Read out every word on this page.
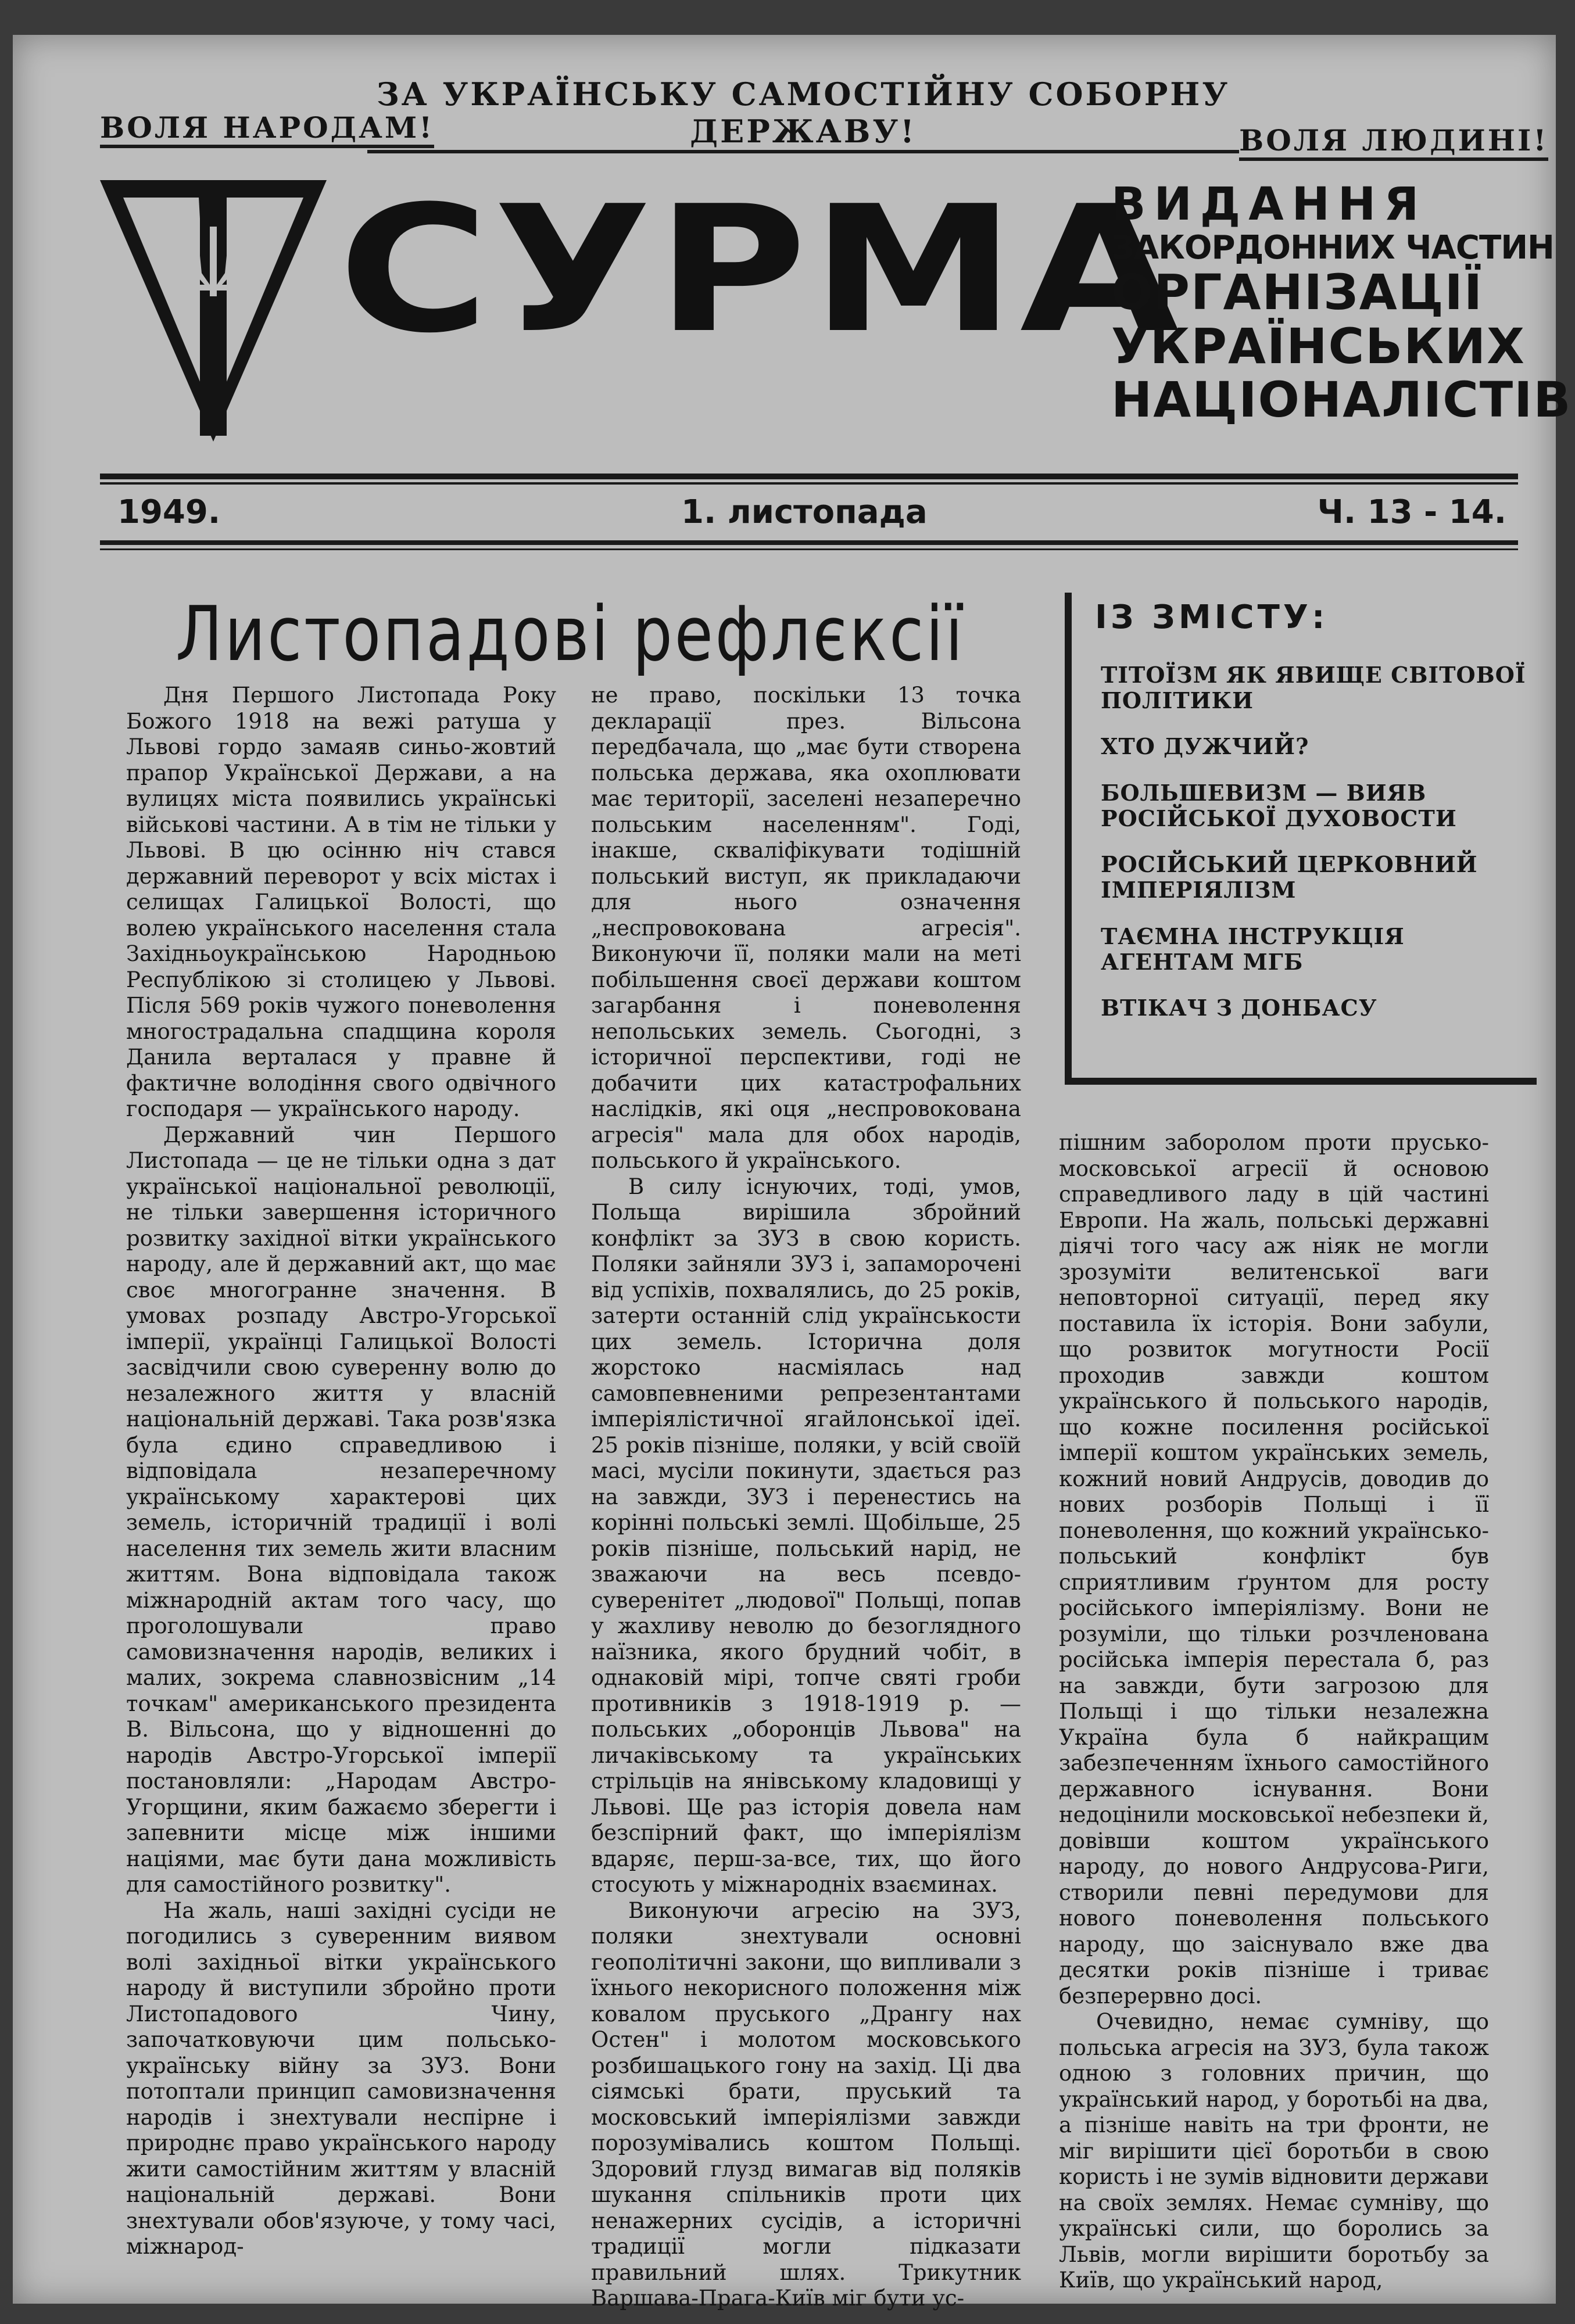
ЗА УКРАЇНСЬКУ САМОСТІЙНУ СОБОРНУ ДЕРЖАВУ!
ВОЛЯ НАРОДАМ!	ВОЛЯ ЛЮДИНІ!
СУРМА
ВИДАННЯ
ЗАКОРДОННИХ ЧАСТИН
ОРГАНІЗАЦІЇ
УКРАЇНСЬКИХ
НАЦІОНАЛІСТІВ
1949.	1. листопада	Ч. 13 - 14.
Листопадові рефлєксії	ІЗ ЗМІСТУ:
ТІТОЇЗМ ЯК ЯВИЩЕ СВІТОВОЇ ПОЛІТИКИ
ХТО ДУЖЧИЙ?
БОЛЬШЕВИЗМ — ВИЯВ РОСІЙСЬКОЇ ДУХОВОСТИ
РОСІЙСЬКИЙ ЦЕРКОВНИЙ ІМПЕРІЯЛІЗМ
ТАЄМНА ІНСТРУКЦІЯ АГЕНТАМ МГБ
ВТІКАЧ З ДОНБАСУ

Дня Першого Листопада Року Божого 1918 на вежі ратуша у Львові гордо замаяв синьо-жовтий прапор Української Держави, а на вулицях міста появились українські військові частини. А в тім не тільки у Львові. В цю осінню ніч стався державний переворот у всіх містах і селищах Галицької Волості, що волею українського населення стала Західньоукраїнською Народньою Республікою зі столицею у Львові. Після 569 років чужого поневолення многострадальна спадщина короля Данила верталася у правне й фактичне володіння свого одвічного господаря — українського народу.

Державний чин Першого Листопада — це не тільки одна з дат української національної революції, не тільки завершення історичного розвитку західної вітки українського народу, але й державний акт, що має своє многогранне значення. В умовах розпаду Австро-Угорської імперії, українці Галицької Волості засвідчили свою суверенну волю до незалежного життя у власній національній державі. Така розв'язка була єдино справедливою і відповідала незаперечному українському характерові цих земель, історичній традиції і волі населення тих земель жити власним життям. Вона відповідала також міжнародній актам того часу, що проголошували право самовизначення народів, великих і малих, зокрема славнозвісним „14 точкам" американського президента В. Вільсона, що у відношенні до народів Австро-Угорської імперії постановляли: „Народам Австро-Угорщини, яким бажаємо зберегти і запевнити місце між іншими націями, має бути дана можливість для самостійного розвитку".

На жаль, наші західні сусіди не погодились з суверенним виявом волі західньої вітки українського народу й виступили збройно проти Листопадового Чину, започатковуючи цим польсько-українську війну за ЗУЗ. Вони потоптали принцип самовизначення народів і знехтували неспірне і природнє право українського народу жити самостійним життям у власній національній державі. Вони знехтували обов'язуюче, у тому часі, міжнарод-

не право, поскільки 13 точка декларації през. Вільсона передбачала, що „має бути створена польська держава, яка охоплювати має території, заселені незаперечно польським населенням". Годі, інакше, скваліфікувати тодішній польський виступ, як прикладаючи для нього означення „неспровокована агресія". Виконуючи її, поляки мали на меті побільшення своєї держави коштом загарбання і поневолення непольських земель. Сьогодні, з історичної перспективи, годі не добачити цих катастрофальних наслідків, які оця „неспровокована агресія" мала для обох народів, польського й українського.

В силу існуючих, тоді, умов, Польща вирішила збройний конфлікт за ЗУЗ в свою користь. Поляки зайняли ЗУЗ і, запаморочені від успіхів, похвалялись, до 25 років, затерти останній слід українськости цих земель. Історична доля жорстоко насміялась над самовпевненими репрезентантами імперіялістичної ягайлонської ідеї. 25 років пізніше, поляки, у всій своїй масі, мусіли покинути, здається раз на завжди, ЗУЗ і перенестись на корінні польські землі. Щобільше, 25 років пізніше, польський нарід, не зважаючи на весь псевдо-суверенітет „людової" Польщі, попав у жахливу неволю до безоглядного наїзника, якого брудний чобіт, в однаковій мірі, топче святі гроби противників з 1918-1919 р. — польських „оборонців Львова" на личаківському та українських стрільців на янівському кладовищі у Львові. Ще раз історія довела нам безспірний факт, що імперіялізм вдаряє, перш-за-все, тих, що його стосують у міжнародніх взаєминах.

Виконуючи агресію на ЗУЗ, поляки знехтували основні геополітичні закони, що випливали з їхнього некорисного положення між ковалом пруського „Дрангу нах Остен" і молотом московського розбишацького гону на захід. Ці два сіямські брати, пруський та московський імперіялізми завжди порозумівались коштом Польщі. Здоровий глузд вимагав від поляків шукання спільників проти цих ненажерних сусідів, а історичні традиції могли підказати правильний шлях. Трикутник Варшава-Прага-Київ міг бути ус-

пішним заборолом проти прусько-московської агресії й основою справедливого ладу в цій частині Европи. На жаль, польські державні діячі того часу аж ніяк не могли зрозуміти велитенської ваги неповторної ситуації, перед яку поставила їх історія. Вони забули, що розвиток могутности Росії проходив завжди коштом українського й польського народів, що кожне посилення російської імперії коштом українських земель, кожний новий Андрусів, доводив до нових розборів Польщі і її поневолення, що кожний українсько-польський конфлікт був сприятливим ґрунтом для росту російського імперіялізму. Вони не розуміли, що тільки розчленована російська імперія перестала б, раз на завжди, бути загрозою для Польщі і що тільки незалежна Україна була б найкращим забезпеченням їхнього самостійного державного існування. Вони недоцінили московської небезпеки й, довівши коштом українського народу, до нового Андрусова-Риги, створили певні передумови для нового поневолення польського народу, що заіснувало вже два десятки років пізніше і триває безперервно досі.

Очевидно, немає сумніву, що польська агресія на ЗУЗ, була також одною з головних причин, що український народ, у боротьбі на два, а пізніше навіть на три фронти, не міг вирішити цієї боротьби в свою користь і не зумів відновити держави на своїх землях. Немає сумніву, що українські сили, що боролись за Львів, могли вирішити боротьбу за Київ, що український народ,
